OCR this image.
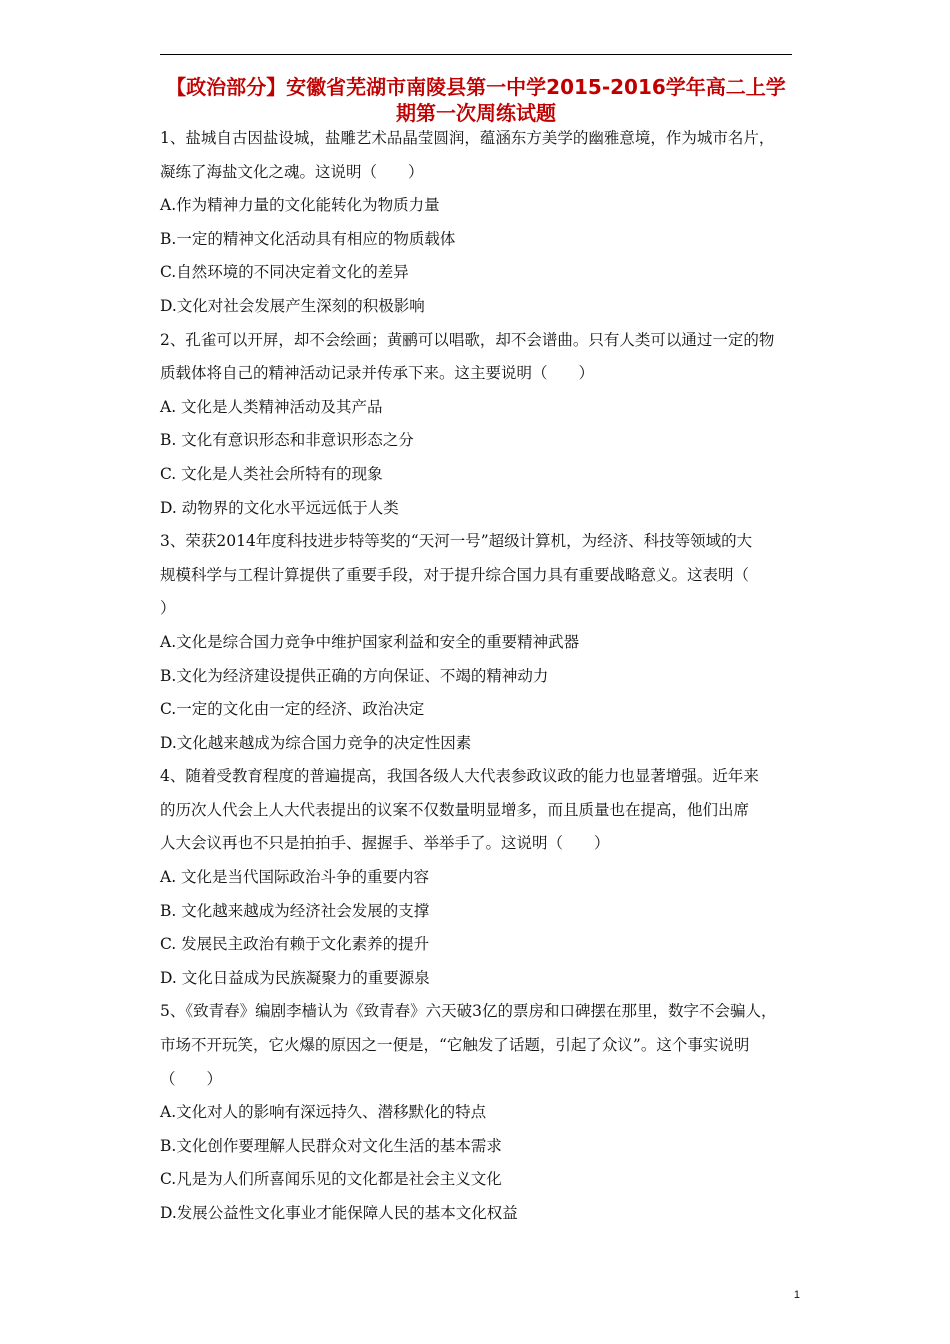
【政治部分】安徽省芜湖市南陵县第一中学2015-2016学年高二上学期第一次周练试题

1、盐城自古因盐设城，盐雕艺术品晶莹圆润，蕴涵东方美学的幽雅意境，作为城市名片，

凝练了海盐文化之魂。这说明（　　）

A.作为精神力量的文化能转化为物质力量

B.一定的精神文化活动具有相应的物质载体

C.自然环境的不同决定着文化的差异

D.文化对社会发展产生深刻的积极影响

2、孔雀可以开屏，却不会绘画；黄鹂可以唱歌，却不会谱曲。只有人类可以通过一定的物

质载体将自己的精神活动记录并传承下来。这主要说明（　　）

A. 文化是人类精神活动及其产品

B. 文化有意识形态和非意识形态之分

C. 文化是人类社会所特有的现象

D. 动物界的文化水平远远低于人类

3、荣获2014年度科技进步特等奖的“天河一号”超级计算机，为经济、科技等领域的大

规模科学与工程计算提供了重要手段，对于提升综合国力具有重要战略意义。这表明（

）

A.文化是综合国力竞争中维护国家利益和安全的重要精神武器

B.文化为经济建设提供正确的方向保证、不竭的精神动力

C.一定的文化由一定的经济、政治决定

D.文化越来越成为综合国力竞争的决定性因素

4、随着受教育程度的普遍提高，我国各级人大代表参政议政的能力也显著增强。近年来

的历次人代会上人大代表提出的议案不仅数量明显增多，而且质量也在提高，他们出席

人大会议再也不只是拍拍手、握握手、举举手了。这说明（　　）

A. 文化是当代国际政治斗争的重要内容

B. 文化越来越成为经济社会发展的支撑

C. 发展民主政治有赖于文化素养的提升

D. 文化日益成为民族凝聚力的重要源泉

5、《致青春》编剧李樯认为《致青春》六天破3亿的票房和口碑摆在那里，数字不会骗人，

市场不开玩笑，它火爆的原因之一便是，“它触发了话题，引起了众议”。这个事实说明

（　　）

A.文化对人的影响有深远持久、潜移默化的特点

B.文化创作要理解人民群众对文化生活的基本需求

C.凡是为人们所喜闻乐见的文化都是社会主义文化

D.发展公益性文化事业才能保障人民的基本文化权益

1
